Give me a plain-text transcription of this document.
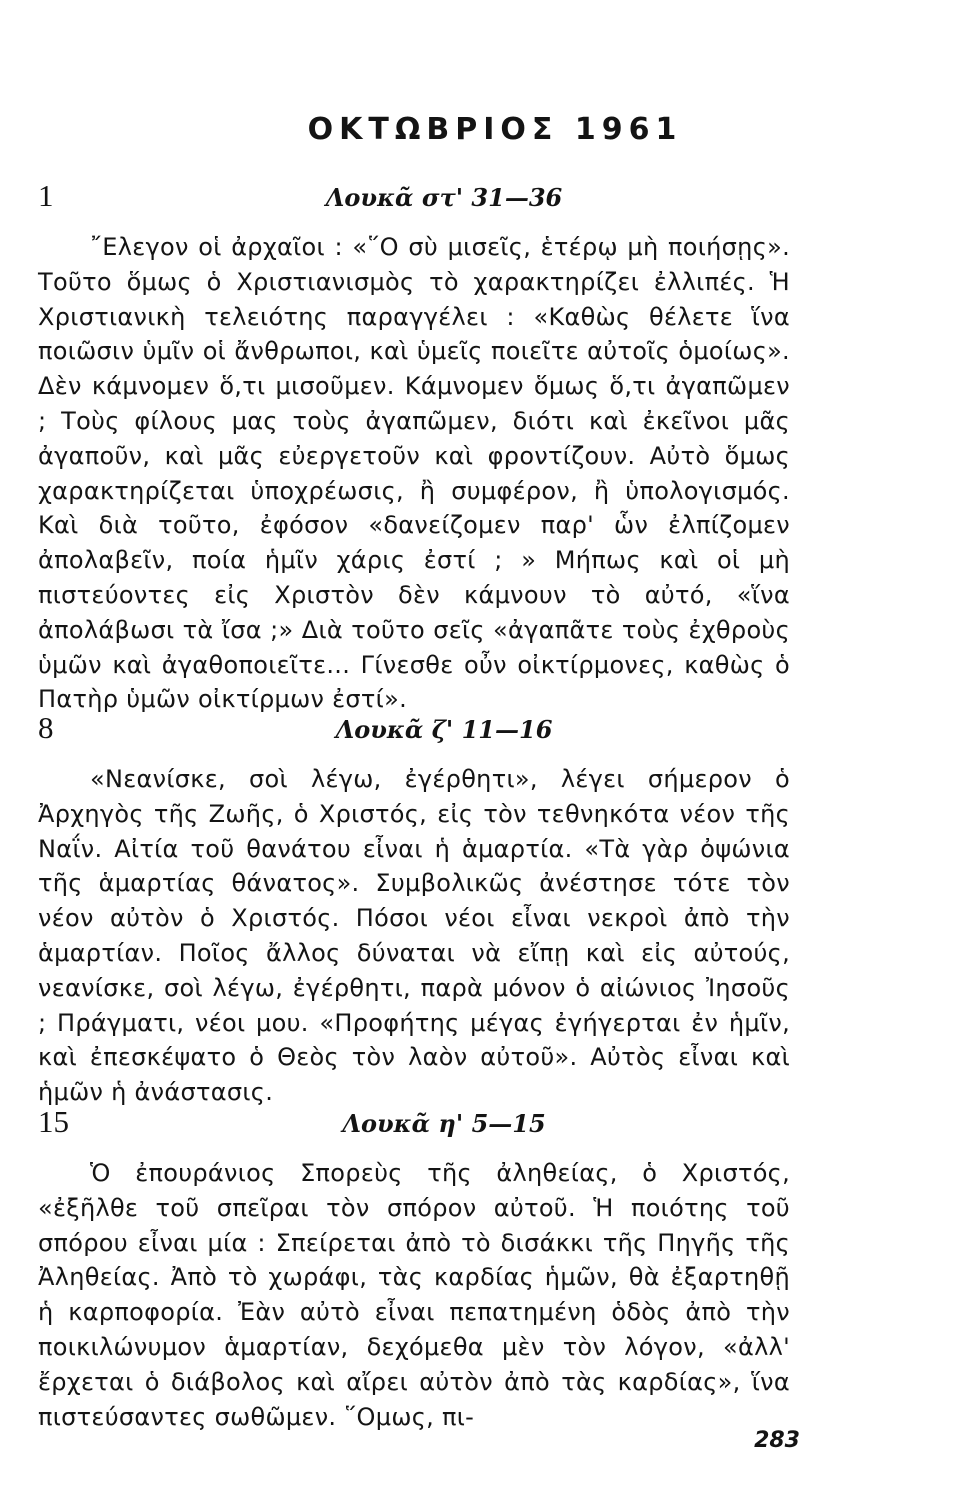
ΟΚΤΩΒΡΙΟΣ 1961
1	Λουκᾶ στ' 31—36

῎Ελεγον οἱ ἀρχαῖοι : «῞Ο σὺ μισεῖς, ἑτέρῳ μὴ ποιήσῃς». Τοῦτο ὅμως ὁ Χριστιανισμὸς τὸ χαρακτηρίζει ἐλλιπές. Ἡ Χριστιανικὴ τελειότης παραγγέλει : «Καθὼς θέλετε ἵνα ποιῶσιν ὑμῖν οἱ ἄνθρωποι, καὶ ὑμεῖς ποιεῖτε αὐτοῖς ὁμοίως». Δὲν κάμνομεν ὅ,τι μισοῦμεν. Κάμνομεν ὅμως ὅ,τι ἀγαπῶμεν ; Τοὺς φίλους μας τοὺς ἀγαπῶμεν, διότι καὶ ἐκεῖνοι μᾶς ἀγαποῦν, καὶ μᾶς εὐεργετοῦν καὶ φροντίζουν. Αὐτὸ ὅμως χαρακτηρίζεται ὑποχρέωσις, ἢ συμφέρον, ἢ ὑπολογισμός. Καὶ διὰ τοῦτο, ἐφόσον «δανείζομεν παρ' ὧν ἐλπίζομεν ἀπολαβεῖν, ποία ἡμῖν χάρις ἐστί ; » Μήπως καὶ οἱ μὴ πιστεύοντες εἰς Χριστὸν δὲν κάμνουν τὸ αὐτό, «ἵνα ἀπολάβωσι τὰ ἴσα ;» Διὰ τοῦτο σεῖς «ἀγαπᾶτε τοὺς ἐχθροὺς ὑμῶν καὶ ἀγαθοποιεῖτε... Γίνεσθε οὖν οἰκτίρμονες, καθὼς ὁ Πατὴρ ὑμῶν οἰκτίρμων ἐστί».

8	Λουκᾶ ζ' 11—16

«Νεανίσκε, σοὶ λέγω, ἐγέρθητι», λέγει σήμερον ὁ Ἀρχηγὸς τῆς Ζωῆς, ὁ Χριστός, εἰς τὸν τεθνηκότα νέον τῆς Ναΐν. Αἰτία τοῦ θανάτου εἶναι ἡ ἁμαρτία. «Τὰ γὰρ ὀψώνια τῆς ἁμαρτίας θάνατος». Συμβολικῶς ἀνέστησε τότε τὸν νέον αὐτὸν ὁ Χριστός. Πόσοι νέοι εἶναι νεκροὶ ἀπὸ τὴν ἁμαρτίαν. Ποῖος ἄλλος δύναται νὰ εἴπῃ καὶ εἰς αὐτούς, νεανίσκε, σοὶ λέγω, ἐγέρθητι, παρὰ μόνον ὁ αἰώνιος Ἰησοῦς ; Πράγματι, νέοι μου. «Προφήτης μέγας ἐγήγερται ἐν ἡμῖν, καὶ ἐπεσκέψατο ὁ Θεὸς τὸν λαὸν αὐτοῦ». Αὐτὸς εἶναι καὶ ἡμῶν ἡ ἀνάστασις.

15	Λουκᾶ η' 5—15

Ὁ ἐπουράνιος Σπορεὺς τῆς ἀληθείας, ὁ Χριστός, «ἐξῆλθε τοῦ σπεῖραι τὸν σπόρον αὐτοῦ. Ἡ ποιότης τοῦ σπόρου εἶναι μία : Σπείρεται ἀπὸ τὸ δισάκκι τῆς Πηγῆς τῆς Ἀληθείας. Ἀπὸ τὸ χωράφι, τὰς καρδίας ἡμῶν, θὰ ἐξαρτηθῇ ἡ καρποφορία. Ἐὰν αὐτὸ εἶναι πεπατημένη ὁδὸς ἀπὸ τὴν ποικιλώνυμον ἁμαρτίαν, δεχόμεθα μὲν τὸν λόγον, «ἀλλ' ἔρχεται ὁ διάβολος καὶ αἴρει αὐτὸν ἀπὸ τὰς καρδίας», ἵνα πιστεύσαντες σωθῶμεν. ῞Ομως, πι-

283
